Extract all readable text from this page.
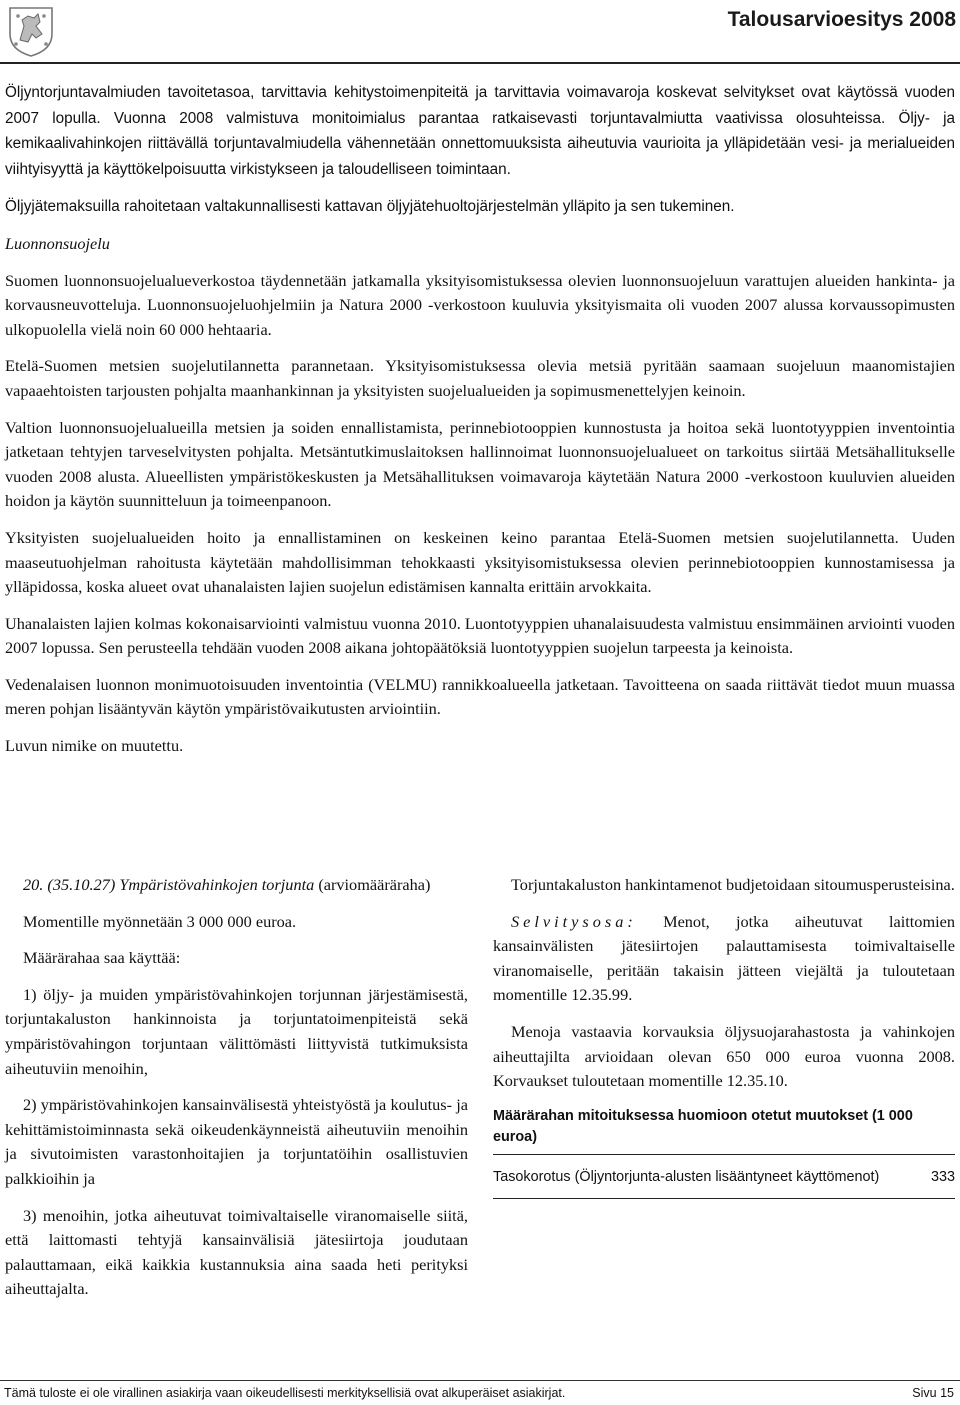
Talousarvioesitys 2008

Öljyntorjuntavalmiuden tavoitetasoa, tarvittavia kehitystoimenpiteitä ja tarvittavia voimavaroja koskevat selvitykset ovat käytössä vuoden 2007 lopulla. Vuonna 2008 valmistuva monitoimialus parantaa ratkaisevasti torjuntavalmiutta vaativissa olosuhteissa. Öljy- ja kemikaalivahinkojen riittävällä torjuntavalmiudella vähennetään onnettomuuksista aiheutuvia vaurioita ja ylläpidetään vesi- ja merialueiden viihtyisyyttä ja käyttökelpoisuutta virkistykseen ja taloudelliseen toimintaan.

Öljyjätemaksuilla rahoitetaan valtakunnallisesti kattavan öljyjätehuoltojärjestelmän ylläpito ja sen tukeminen.

Luonnonsuojelu

Suomen luonnonsuojelualueverkostoa täydennetään jatkamalla yksityisomistuksessa olevien luonnonsuojeluun varattujen alueiden hankinta- ja korvausneuvotteluja. Luonnonsuojeluohjelmiin ja Natura 2000 -verkostoon kuuluvia yksityismaita oli vuoden 2007 alussa korvaussopimusten ulkopuolella vielä noin 60 000 hehtaaria.

Etelä-Suomen metsien suojelutilannetta parannetaan. Yksityisomistuksessa olevia metsiä pyritään saamaan suojeluun maanomistajien vapaaehtoisten tarjousten pohjalta maanhankinnan ja yksityisten suojelualueiden ja sopimusmenettelyjen keinoin.

Valtion luonnonsuojelualueilla metsien ja soiden ennallistamista, perinnebiotooppien kunnostusta ja hoitoa sekä luontotyyppien inventointia jatketaan tehtyjen tarveselvitysten pohjalta. Metsäntutkimuslaitoksen hallinnoimat luonnonsuojelualueet on tarkoitus siirtää Metsähallitukselle vuoden 2008 alusta. Alueellisten ympäristökeskusten ja Metsähallituksen voimavaroja käytetään Natura 2000 -verkostoon kuuluvien alueiden hoidon ja käytön suunnitteluun ja toimeenpanoon.

Yksityisten suojelualueiden hoito ja ennallistaminen on keskeinen keino parantaa Etelä-Suomen metsien suojelutilannetta. Uuden maaseutuohjelman rahoitusta käytetään mahdollisimman tehokkaasti yksityisomistuksessa olevien perinnebiotooppien kunnostamisessa ja ylläpidossa, koska alueet ovat uhanalaisten lajien suojelun edistämisen kannalta erittäin arvokkaita.

Uhanalaisten lajien kolmas kokonaisarviointi valmistuu vuonna 2010. Luontotyyppien uhanalaisuudesta valmistuu ensimmäinen arviointi vuoden 2007 lopussa. Sen perusteella tehdään vuoden 2008 aikana johtopäätöksiä luontotyyppien suojelun tarpeesta ja keinoista.

Vedenalaisen luonnon monimuotoisuuden inventointia (VELMU) rannikkoalueella jatketaan. Tavoitteena on saada riittävät tiedot muun muassa meren pohjan lisääntyvän käytön ympäristövaikutusten arviointiin.

Luvun nimike on muutettu.

20. (35.10.27) Ympäristövahinkojen torjunta (arviomääräraha)

Momentille myönnetään 3 000 000 euroa.

Määrärahaa saa käyttää:

1) öljy- ja muiden ympäristövahinkojen torjunnan järjestämisestä, torjuntakaluston hankinnoista ja torjuntatoimenpiteistä sekä ympäristövahingon torjuntaan välittömästi liittyvistä tutkimuksista aiheutuviin menoihin,

2) ympäristövahinkojen kansainvälisestä yhteistyöstä ja koulutus- ja kehittämistoiminnasta sekä oikeudenkäynneistä aiheutuviin menoihin ja sivutoimisten varastonhoitajien ja torjuntatöihin osallistuvien palkkioihin ja

3) menoihin, jotka aiheutuvat toimivaltaiselle viranomaiselle siitä, että laittomasti tehtyjä kansainvälisiä jätesiirtoja joudutaan palauttamaan, eikä kaikkia kustannuksia aina saada heti perityksi aiheuttajalta.

Torjuntakaluston hankintamenot budjetoidaan sitoumusperusteisina.

Selvitysosa: Menot, jotka aiheutuvat laittomien kansainvälisten jätesiirtojen palauttamisesta toimivaltaiselle viranomaiselle, peritään takaisin jätteen viejältä ja tuloutetaan momentille 12.35.99.

Menoja vastaavia korvauksia öljysuojarahastosta ja vahinkojen aiheuttajilta arvioidaan olevan 650 000 euroa vuonna 2008. Korvaukset tuloutetaan momentille 12.35.10.

Määrärahan mitoituksessa huomioon otetut muutokset (1 000 euroa)
Tasokorotus (Öljyntorjunta-alusten lisääntyneet käyttömenot)	333
Tämä tuloste ei ole virallinen asiakirja vaan oikeudellisesti merkityksellisiä ovat alkuperäiset asiakirjat.	Sivu 15
